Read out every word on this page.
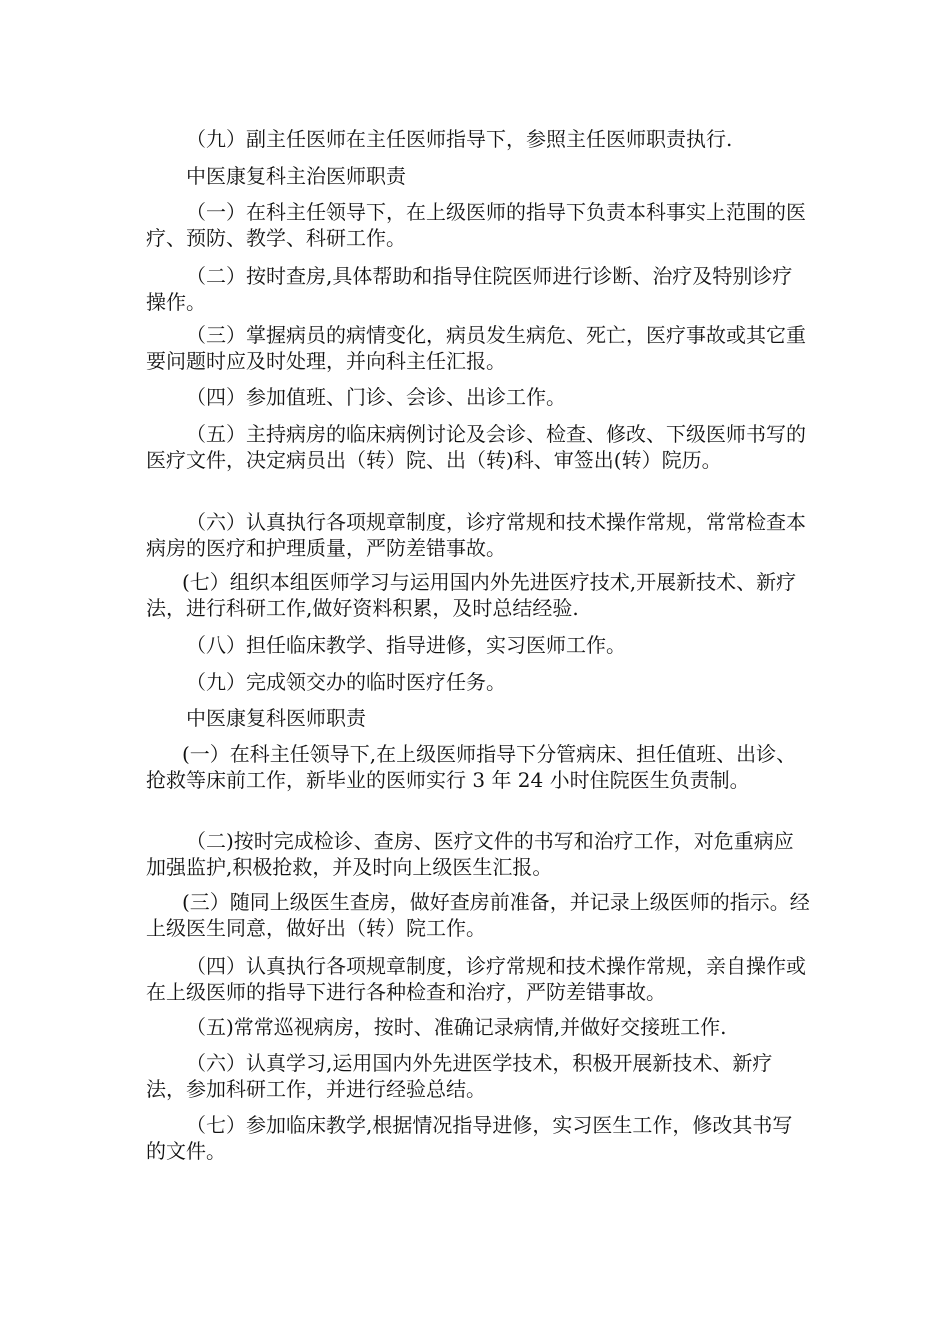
（九）副主任医师在主任医师指导下，参照主任医师职责执行.

中医康复科主治医师职责

（一）在科主任领导下，在上级医师的指导下负责本科事实上范围的医疗、预防、教学、科研工作。

（二）按时查房,具体帮助和指导住院医师进行诊断、治疗及特别诊疗操作。

（三）掌握病员的病情变化，病员发生病危、死亡，医疗事故或其它重要问题时应及时处理，并向科主任汇报。

（四）参加值班、门诊、会诊、出诊工作。

（五）主持病房的临床病例讨论及会诊、检查、修改、下级医师书写的医疗文件，决定病员出（转）院、出（转)科、审签出(转）院历。

（六）认真执行各项规章制度，诊疗常规和技术操作常规，常常检查本病房的医疗和护理质量，严防差错事故。

(七）组织本组医师学习与运用国内外先进医疗技术,开展新技术、新疗法，进行科研工作,做好资料积累，及时总结经验.

（八）担任临床教学、指导进修，实习医师工作。

（九）完成领交办的临时医疗任务。

中医康复科医师职责

(一）在科主任领导下,在上级医师指导下分管病床、担任值班、出诊、抢救等床前工作，新毕业的医师实行 3 年 24 小时住院医生负责制。

（二)按时完成检诊、查房、医疗文件的书写和治疗工作，对危重病应加强监护,积极抢救，并及时向上级医生汇报。

(三）随同上级医生查房，做好查房前准备，并记录上级医师的指示。经上级医生同意，做好出（转）院工作。

（四）认真执行各项规章制度，诊疗常规和技术操作常规，亲自操作或在上级医师的指导下进行各种检查和治疗，严防差错事故。

（五)常常巡视病房，按时、准确记录病情,并做好交接班工作.

（六）认真学习,运用国内外先进医学技术，积极开展新技术、新疗法，参加科研工作，并进行经验总结。

（七）参加临床教学,根据情况指导进修，实习医生工作，修改其书写的文件。
